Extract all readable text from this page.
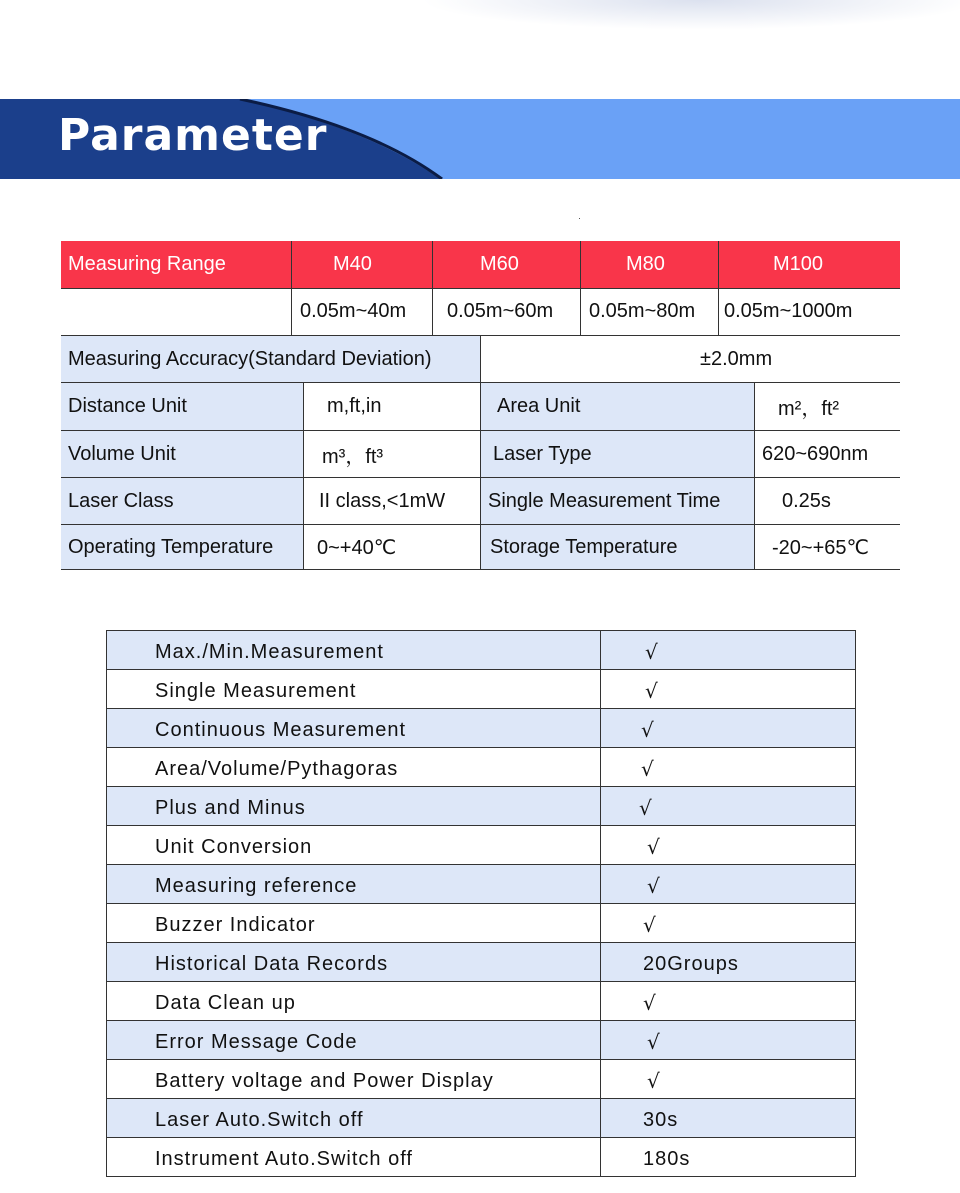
Parameter
Measuring Range	M40	M60	M80	M100
0.05m~40m	0.05m~60m	0.05m~80m	0.05m~1000m
Measuring Accuracy(Standard Deviation)	±2.0mm
Distance Unit	m,ft,in	Area Unit	m²，ft²
Volume Unit	m³，ft³	Laser Type	620~690nm
Laser Class	II class,<1mW	Single Measurement Time	0.25s
Operating Temperature	0~+40℃	Storage Temperature	-20~+65℃
Max./Min.Measurement	√
Single Measurement	√
Continuous Measurement	√
Area/Volume/Pythagoras	√
Plus and Minus	√
Unit Conversion	√
Measuring reference	√
Buzzer Indicator	√
Historical Data Records	20Groups
Data Clean up	√
Error Message Code	√
Battery voltage and Power Display	√
Laser Auto.Switch off	30s
Instrument Auto.Switch off	180s
